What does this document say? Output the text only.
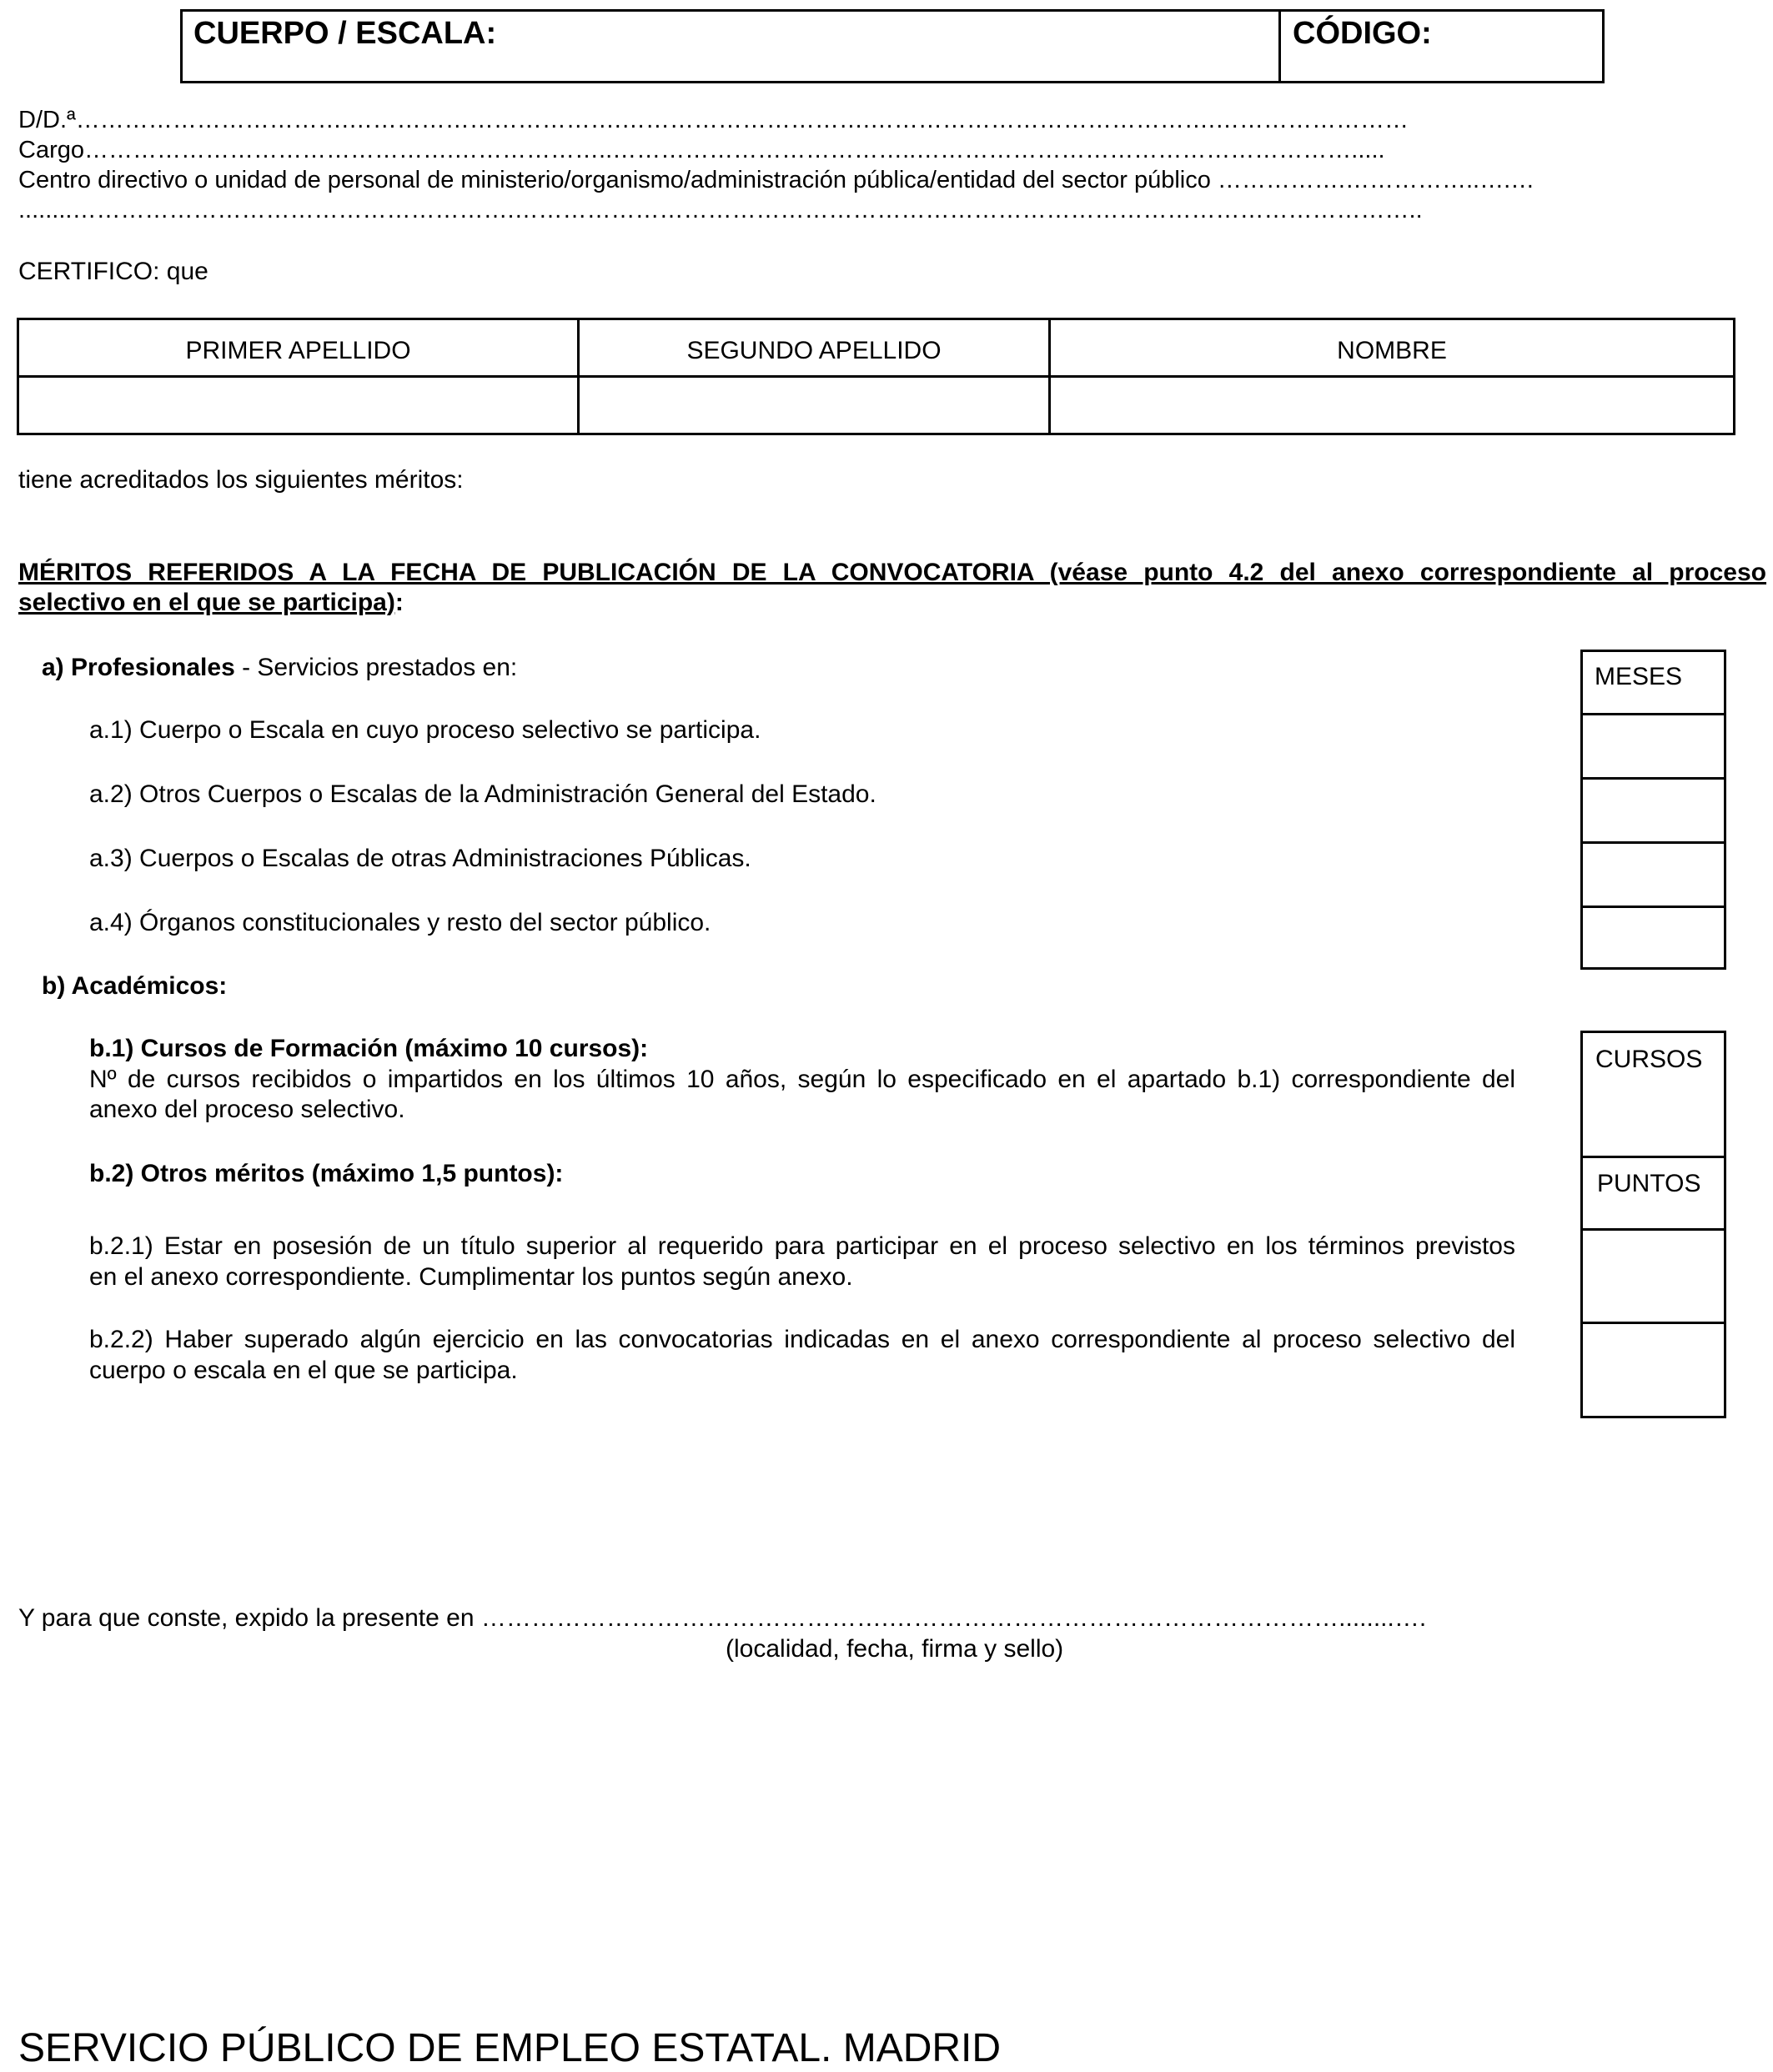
CUERPO / ESCALA:	CÓDIGO:
D/D.ª…………………………….…………………………….………………………….…………………………………….……………………
Cargo……………………………………….………………..………………………………..……………………………………………….....
Centro directivo o unidad de personal de ministerio/organismo/administración pública/entidad del sector público …………….……………..….…
........……………………………………………….…………………………………………………………………………………………………..
CERTIFICO: que
PRIMER APELLIDO	SEGUNDO APELLIDO	NOMBRE
tiene acreditados los siguientes méritos:
MÉRITOS REFERIDOS A LA FECHA DE PUBLICACIÓN DE LA CONVOCATORIA (véase punto 4.2 del anexo correspondiente al proceso
selectivo en el que se participa):
a) Profesionales - Servicios prestados en:
a.1) Cuerpo o Escala en cuyo proceso selectivo se participa.
a.2) Otros Cuerpos o Escalas de la Administración General del Estado.
a.3) Cuerpos o Escalas de otras Administraciones Públicas.
a.4) Órganos constitucionales y resto del sector público.
MESES
b) Académicos:
b.1) Cursos de Formación (máximo 10 cursos):
Nº de cursos recibidos o impartidos en los últimos 10 años, según lo especificado en el apartado b.1) correspondiente del
anexo del proceso selectivo.
b.2) Otros méritos (máximo 1,5 puntos):
b.2.1) Estar en posesión de un título superior al requerido para participar en el proceso selectivo en los términos previstos
en el anexo correspondiente. Cumplimentar los puntos según anexo.
b.2.2) Haber superado algún ejercicio en las convocatorias indicadas en el anexo correspondiente al proceso selectivo del
cuerpo o escala en el que se participa.
CURSOS
PUNTOS
Y para que conste, expido la presente en ………………………………………….………………………………………………........….
(localidad, fecha, firma y sello)
SERVICIO PÚBLICO DE EMPLEO ESTATAL. MADRID
